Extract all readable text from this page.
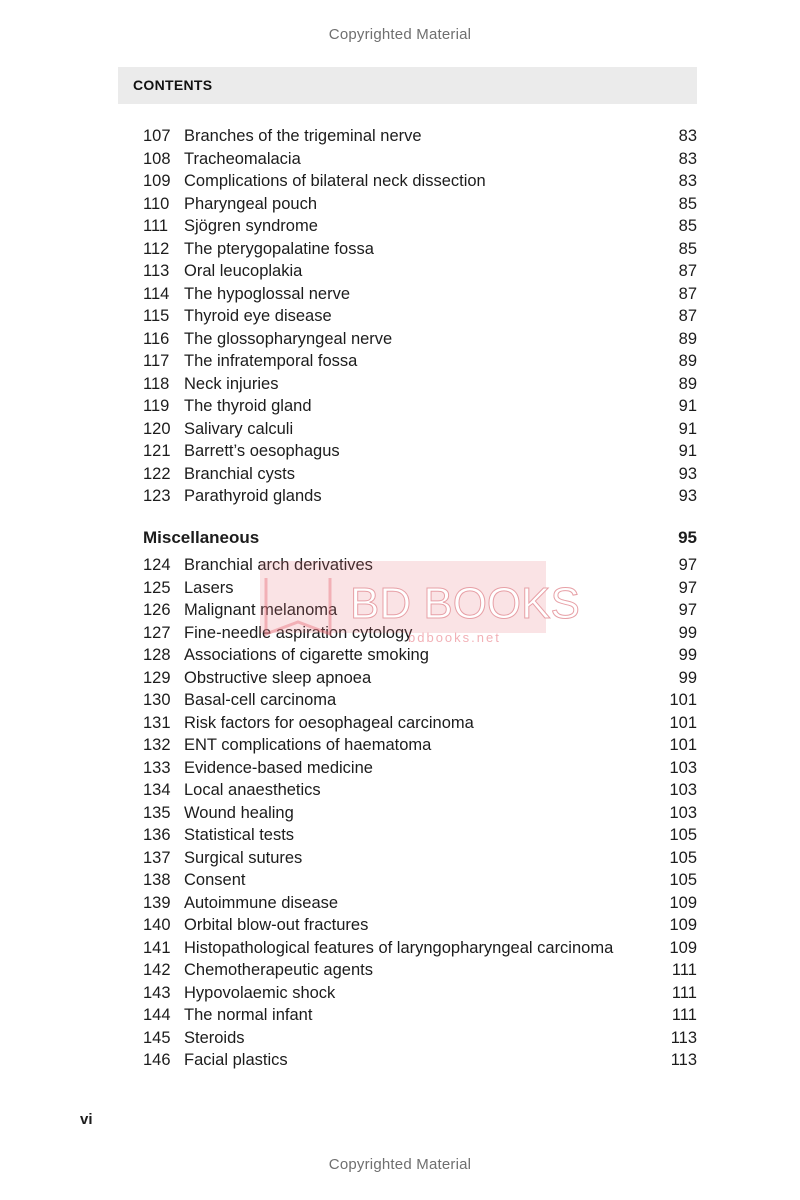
Copyrighted Material
CONTENTS
107 Branches of the trigeminal nerve	83
108 Tracheomalacia	83
109 Complications of bilateral neck dissection	83
110 Pharyngeal pouch	85
111 Sjögren syndrome	85
112 The pterygopalatine fossa	85
113 Oral leucoplakia	87
114 The hypoglossal nerve	87
115 Thyroid eye disease	87
116 The glossopharyngeal nerve	89
117 The infratemporal fossa	89
118 Neck injuries	89
119 The thyroid gland	91
120 Salivary calculi	91
121 Barrett’s oesophagus	91
122 Branchial cysts	93
123 Parathyroid glands	93
Miscellaneous	95
124 Branchial arch derivatives	97
125 Lasers	97
126 Malignant melanoma	97
127 Fine-needle aspiration cytology	99
128 Associations of cigarette smoking	99
129 Obstructive sleep apnoea	99
130 Basal-cell carcinoma	101
131 Risk factors for oesophageal carcinoma	101
132 ENT complications of haematoma	101
133 Evidence-based medicine	103
134 Local anaesthetics	103
135 Wound healing	103
136 Statistical tests	105
137 Surgical sutures	105
138 Consent	105
139 Autoimmune disease	109
140 Orbital blow-out fractures	109
141 Histopathological features of laryngopharyngeal carcinoma	109
142 Chemotherapeutic agents	111
143 Hypovolaemic shock	111
144 The normal infant	111
145 Steroids	113
146 Facial plastics	113
BD BOOKS
bdbooks.net
vi
Copyrighted Material
